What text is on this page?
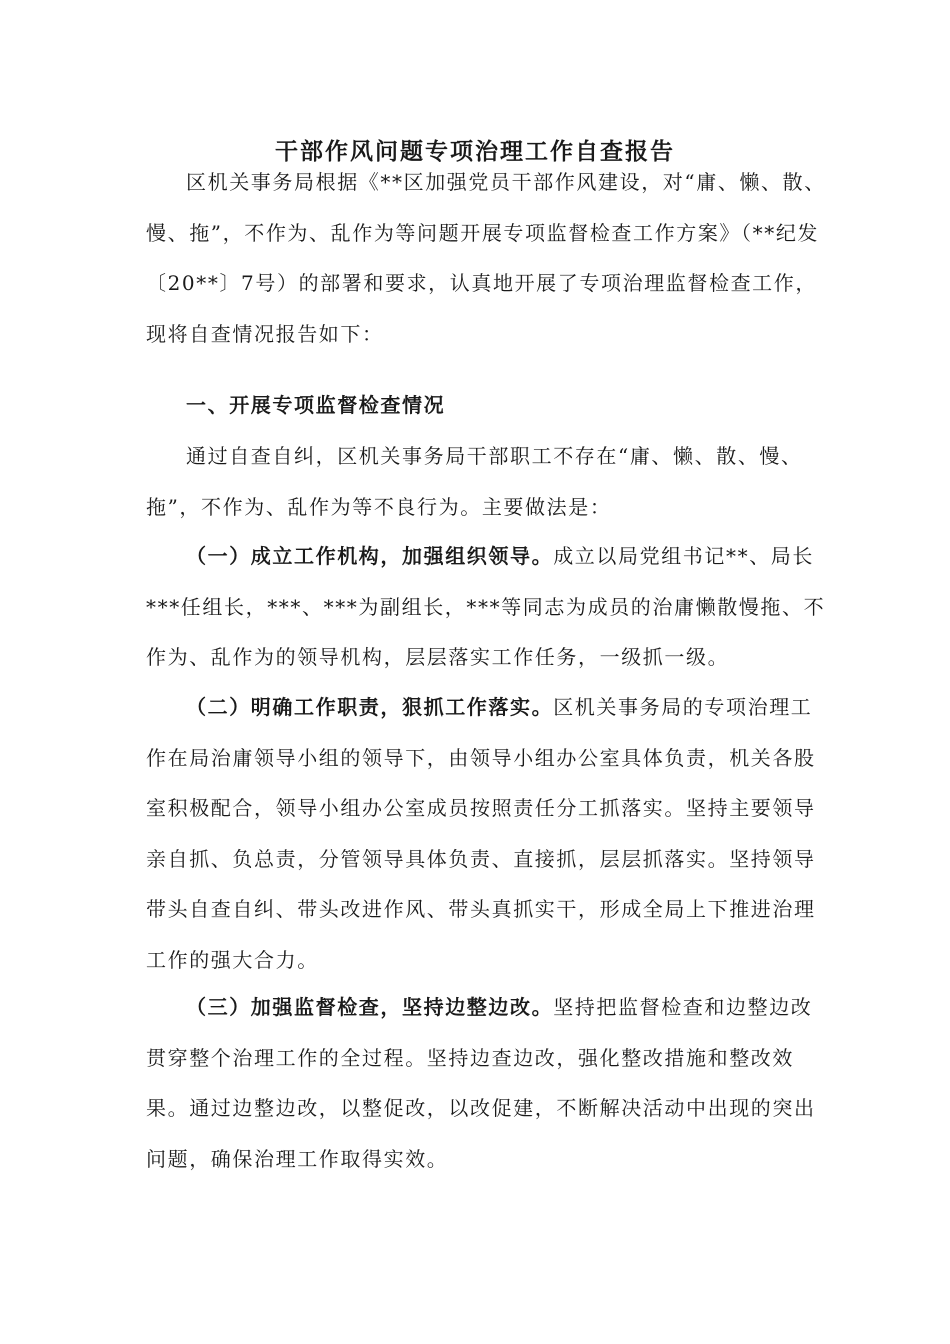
干部作风问题专项治理工作自查报告

区机关事务局根据《**区加强党员干部作风建设，对“庸、懒、散、慢、拖”，不作为、乱作为等问题开展专项监督检查工作方案》（**纪发〔20**〕7号）的部署和要求，认真地开展了专项治理监督检查工作，现将自查情况报告如下：

一、开展专项监督检查情况

通过自查自纠，区机关事务局干部职工不存在“庸、懒、散、慢、拖”，不作为、乱作为等不良行为。主要做法是：

（一）成立工作机构，加强组织领导。成立以局党组书记**、局长***任组长，***、***为副组长，***等同志为成员的治庸懒散慢拖、不作为、乱作为的领导机构，层层落实工作任务，一级抓一级。

（二）明确工作职责，狠抓工作落实。区机关事务局的专项治理工作在局治庸领导小组的领导下，由领导小组办公室具体负责，机关各股室积极配合，领导小组办公室成员按照责任分工抓落实。坚持主要领导亲自抓、负总责，分管领导具体负责、直接抓，层层抓落实。坚持领导带头自查自纠、带头改进作风、带头真抓实干，形成全局上下推进治理工作的强大合力。

（三）加强监督检查，坚持边整边改。坚持把监督检查和边整边改贯穿整个治理工作的全过程。坚持边查边改，强化整改措施和整改效果。通过边整边改，以整促改，以改促建，不断解决活动中出现的突出问题，确保治理工作取得实效。
